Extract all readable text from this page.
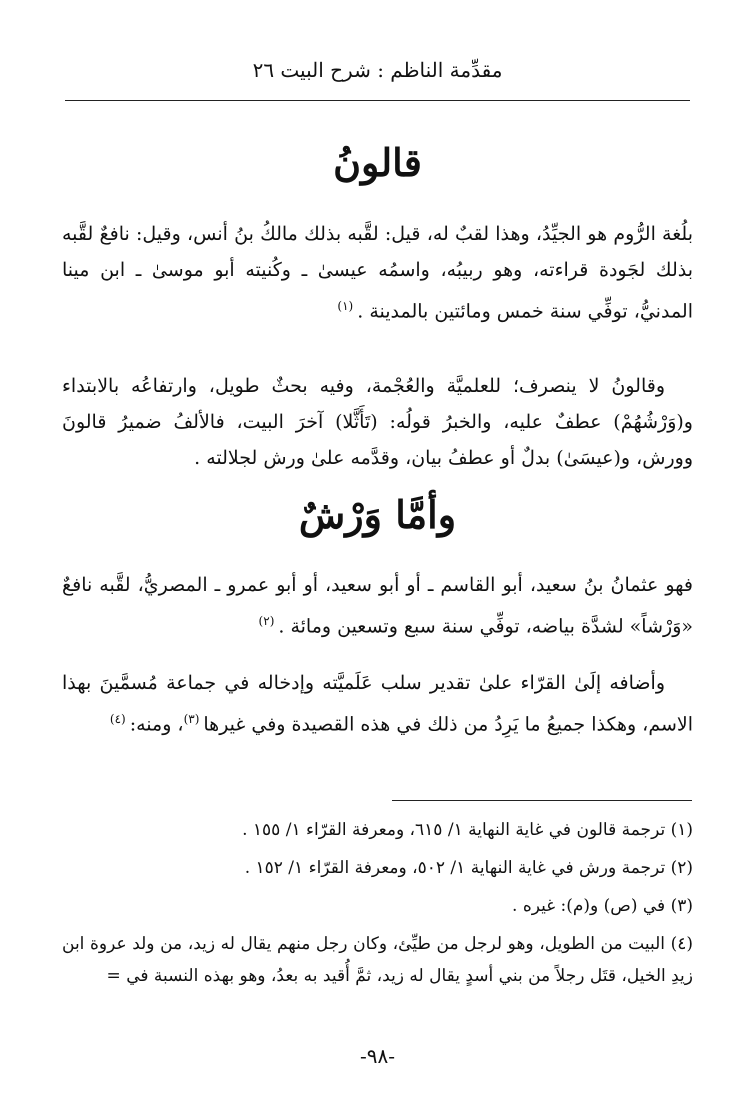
مقدِّمة الناظم : شرح البيت ٢٦
قالونُ

بلُغة الرُّوم هو الجيِّدُ، وهذا لقبٌ له، قيل: لقَّبه بذلك مالكُ بنُ أنس، وقيل: نافعٌ لقَّبه بذلك لجَودة قراءته، وهو ربيبُه، واسمُه عيسىٰ ـ وكُنيته أبو موسىٰ ـ ابن مينا المدنيُّ، توفِّي سنة خمس ومائتين بالمدينة .$^{(١)}$

وقالونُ لا ينصرف؛ للعلميَّة والعُجْمة، وفيه بحثٌ طويل، وارتفاعُه بالابتداء و(وَرْشُهُمْ) عطفٌ عليه، والخبرُ قولُه: (تَأَثَّلا) آخرَ البيت، فالألفُ ضميرُ قالونَ وورش، و(عيسَىٰ) بدلٌ أو عطفُ بيان، وقدَّمه علىٰ ورش لجلالته .

وأمَّا وَرْشٌ

فهو عثمانُ بنُ سعيد، أبو القاسم ـ أو أبو سعيد، أو أبو عمرو ـ المصريُّ، لقَّبه نافعٌ «وَرْشاً» لشدَّة بياضه، توفِّي سنة سبع وتسعين ومائة .$^{(٢)}$

وأضافه إلَىٰ القرّاء علىٰ تقدير سلب عَلَميَّته وإدخاله في جماعة مُسمَّينَ بهذا الاسم، وهكذا جميعُ ما يَرِدُ من ذلك في هذه القصيدة وفي غيرها$^{(٣)}$، ومنه:$^{(٤)}$

(١) ترجمة قالون في غاية النهاية ١/ ٦١٥، ومعرفة القرّاء ١/ ١٥٥ .

(٢) ترجمة ورش في غاية النهاية ١/ ٥٠٢، ومعرفة القرّاء ١/ ١٥٢ .

(٣) في (ص) و(م): غيره .

(٤) البيت من الطويل، وهو لرجل من طيِّئ، وكان رجل منهم يقال له زيد، من ولد عروة ابن زيدِ الخيل، قتَل رجلاً من بني أسدٍ يقال له زيد، ثمَّ أُقيد به بعدُ، وهو بهذه النسبة في =

-٩٨-
